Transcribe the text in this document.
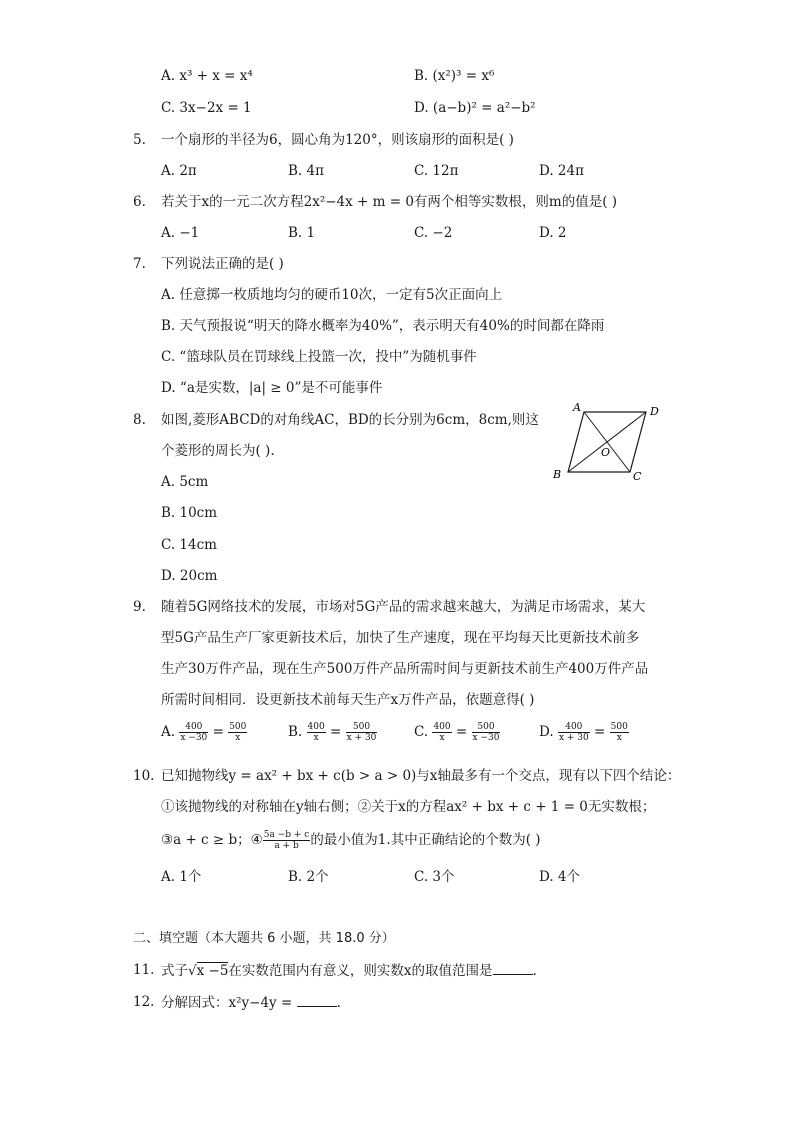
A. x³ + x = x⁴	B. (x²)³ = x⁶
C. 3x−2x = 1	D. (a−b)² = a²−b²
5. 一个扇形的半径为6，圆心角为120°，则该扇形的面积是( )
A. 2π	B. 4π	C. 12π	D. 24π
6. 若关于x的一元二次方程2x²−4x + m = 0有两个相等实数根，则m的值是( )
A. −1	B. 1	C. −2	D. 2
7. 下列说法正确的是( )
A. 任意掷一枚质地均匀的硬币10次，一定有5次正面向上
B. 天气预报说“明天的降水概率为40%”，表示明天有40%的时间都在降雨
C. “篮球队员在罚球线上投篮一次，投中”为随机事件
D. “a是实数，|a| ≥ 0”是不可能事件
8. 如图,菱形ABCD的对角线AC，BD的长分别为6cm，8cm,则这
个菱形的周长为( ).
A. 5cm
B. 10cm
C. 14cm
D. 20cm
A	D
B	C
O
9. 随着5G网络技术的发展，市场对5G产品的需求越来越大，为满足市场需求，某大
型5G产品生产厂家更新技术后，加快了生产速度，现在平均每天比更新技术前多
生产30万件产品，现在生产500万件产品所需时间与更新技术前生产400万件产品
所需时间相同．设更新技术前每天生产x万件产品，依题意得( )
A. $\frac{400}{x -30} = \frac{500}{x}$	B. $\frac{400}{x} = \frac{500}{x + 30}$	C. $\frac{400}{x} = \frac{500}{x -30}$	D. $\frac{400}{x + 30} = \frac{500}{x}$
10. 已知抛物线y = ax² + bx + c(b > a > 0)与x轴最多有一个交点，现有以下四个结论：
①该抛物线的对称轴在y轴右侧；②关于x的方程ax² + bx + c + 1 = 0无实数根；
③a + c ≥ b；④ $\frac{5a -b + c}{a + b}$ 的最小值为1.其中正确结论的个数为( )
A. 1个	B. 2个	C. 3个	D. 4个
二、填空题（本大题共 6 小题，共 18.0 分）
11. 式子√x −5在实数范围内有意义，则实数x的取值范围是	.
12. 分解因式：x²y−4y =	.
